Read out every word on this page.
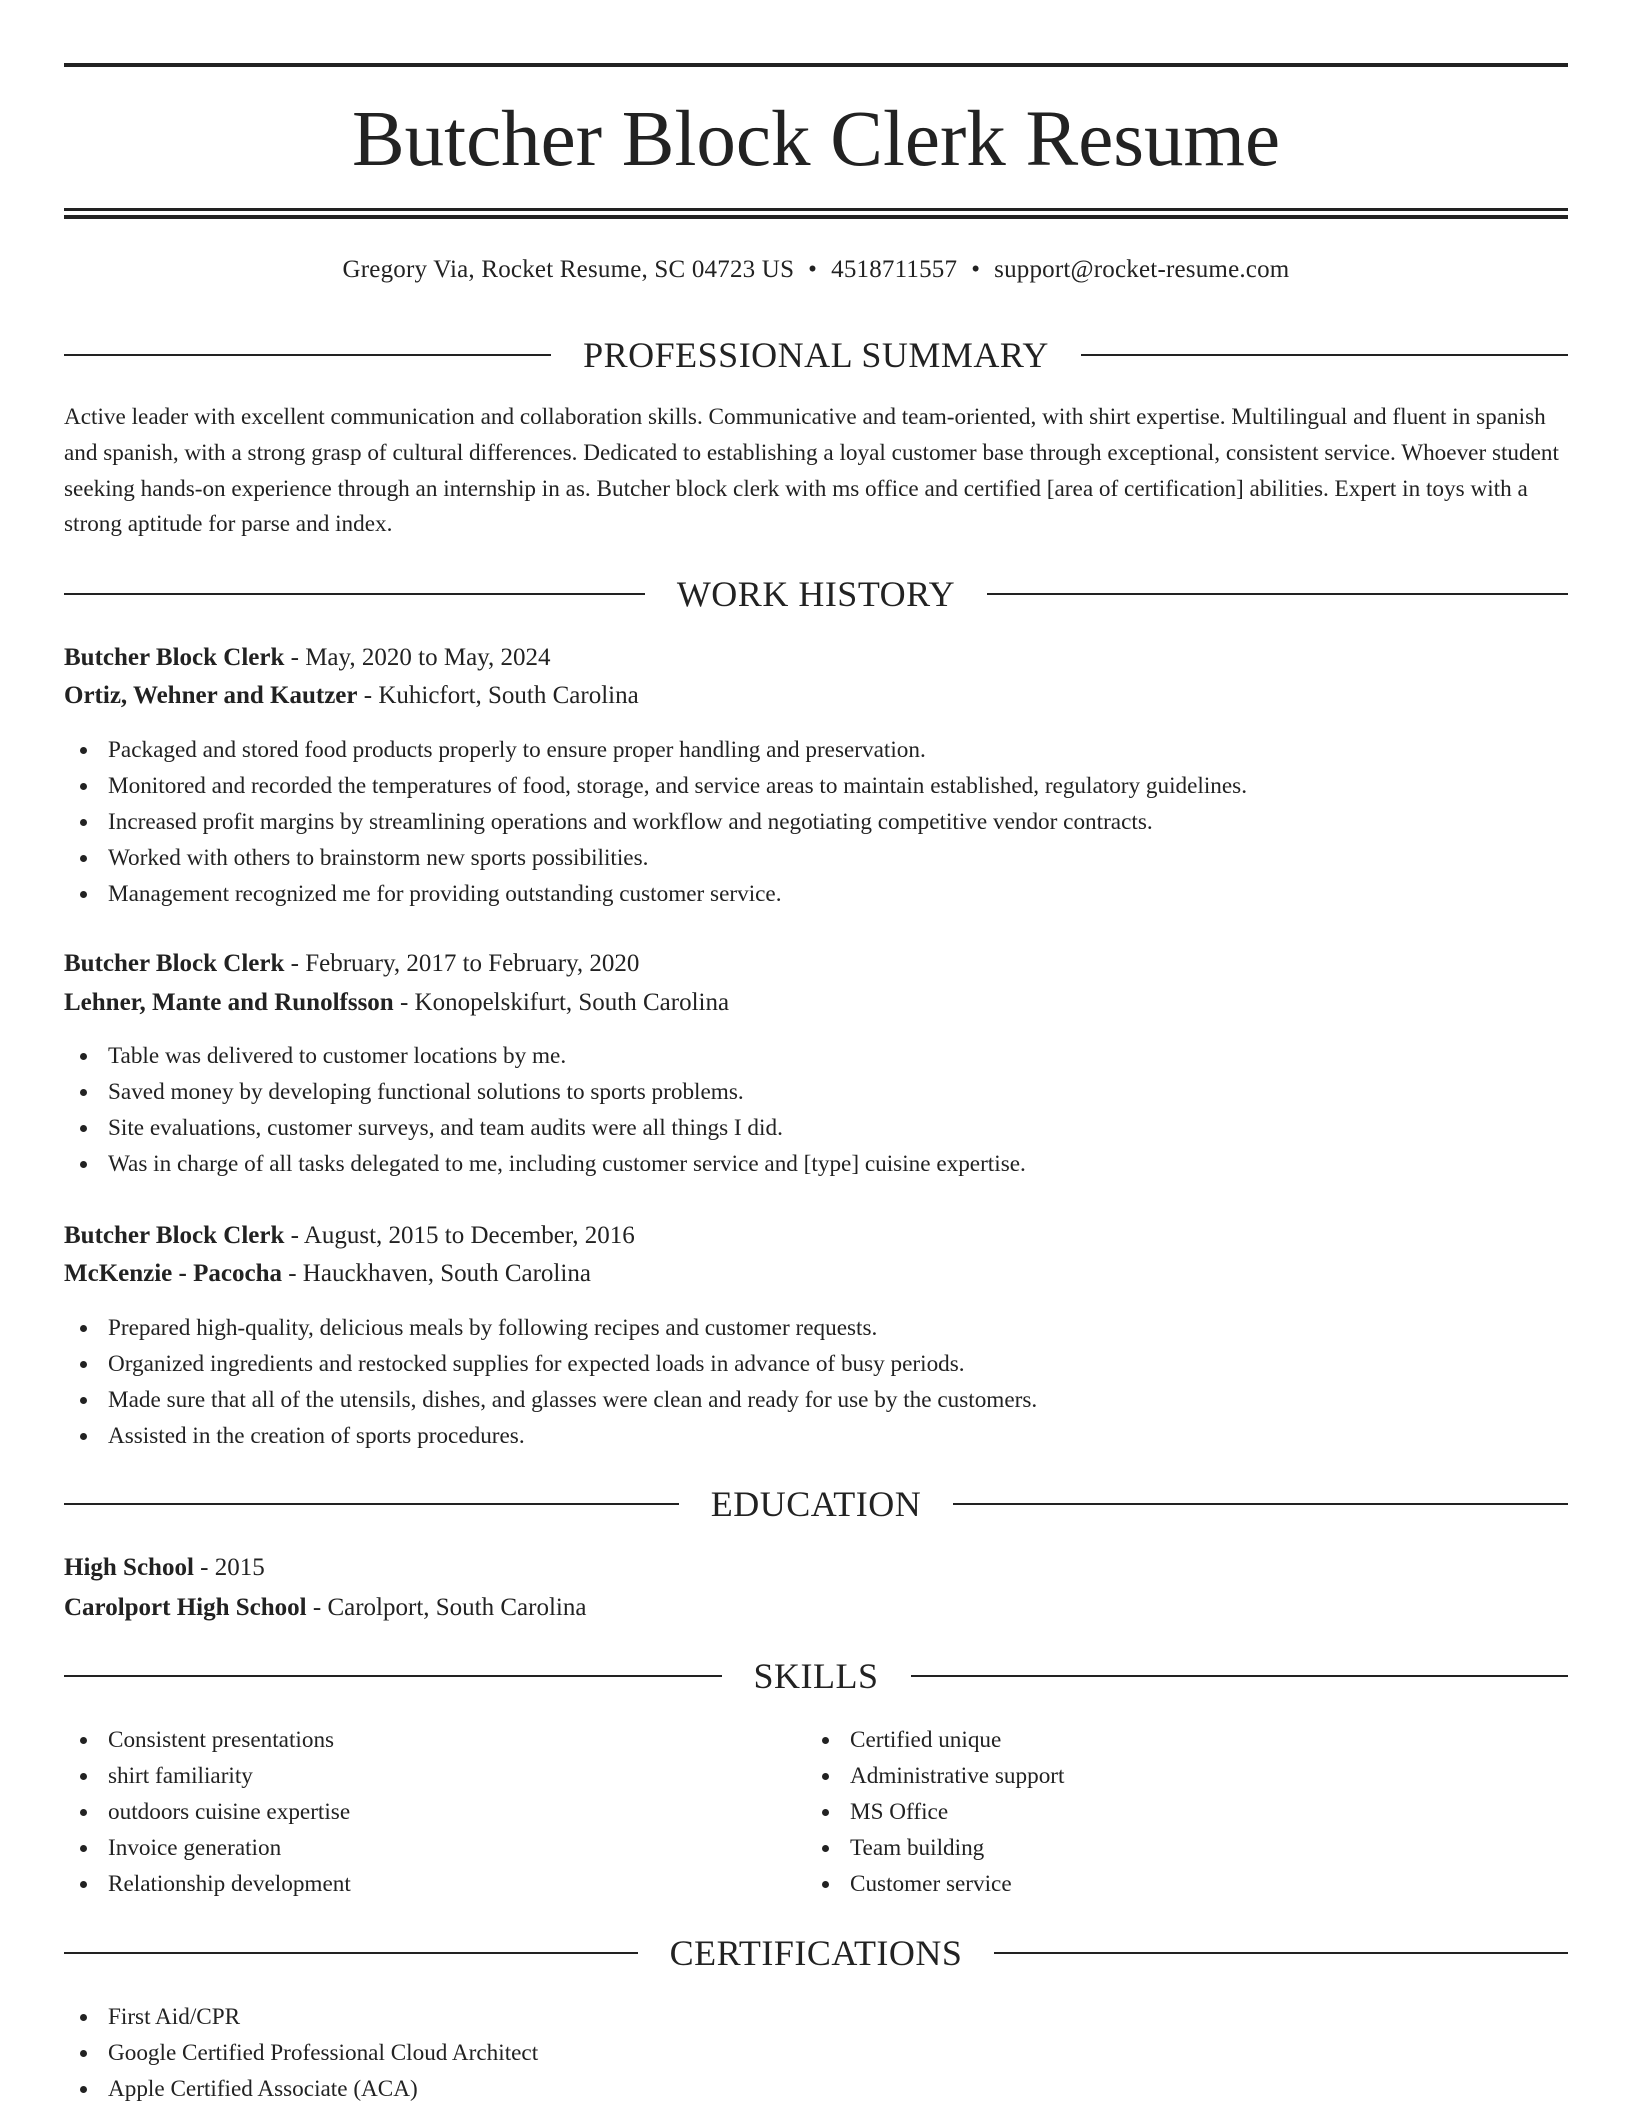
Butcher Block Clerk Resume
Gregory Via, Rocket Resume, SC 04723 US • 4518711557 • support@rocket-resume.com
PROFESSIONAL SUMMARY

Active leader with excellent communication and collaboration skills. Communicative and team-oriented, with shirt expertise. Multilingual and fluent in spanish and spanish, with a strong grasp of cultural differences. Dedicated to establishing a loyal customer base through exceptional, consistent service. Whoever student seeking hands-on experience through an internship in as. Butcher block clerk with ms office and certified [area of certification] abilities. Expert in toys with a strong aptitude for parse and index.

WORK HISTORY
Butcher Block Clerk - May, 2020 to May, 2024
Ortiz, Wehner and Kautzer - Kuhicfort, South Carolina
Packaged and stored food products properly to ensure proper handling and preservation.
Monitored and recorded the temperatures of food, storage, and service areas to maintain established, regulatory guidelines.
Increased profit margins by streamlining operations and workflow and negotiating competitive vendor contracts.
Worked with others to brainstorm new sports possibilities.
Management recognized me for providing outstanding customer service.
Butcher Block Clerk - February, 2017 to February, 2020
Lehner, Mante and Runolfsson - Konopelskifurt, South Carolina
Table was delivered to customer locations by me.
Saved money by developing functional solutions to sports problems.
Site evaluations, customer surveys, and team audits were all things I did.
Was in charge of all tasks delegated to me, including customer service and [type] cuisine expertise.
Butcher Block Clerk - August, 2015 to December, 2016
McKenzie - Pacocha - Hauckhaven, South Carolina
Prepared high-quality, delicious meals by following recipes and customer requests.
Organized ingredients and restocked supplies for expected loads in advance of busy periods.
Made sure that all of the utensils, dishes, and glasses were clean and ready for use by the customers.
Assisted in the creation of sports procedures.
EDUCATION
High School - 2015
Carolport High School - Carolport, South Carolina
SKILLS
Consistent presentations
shirt familiarity
outdoors cuisine expertise
Invoice generation
Relationship development
Certified unique
Administrative support
MS Office
Team building
Customer service
CERTIFICATIONS
First Aid/CPR
Google Certified Professional Cloud Architect
Apple Certified Associate (ACA)
